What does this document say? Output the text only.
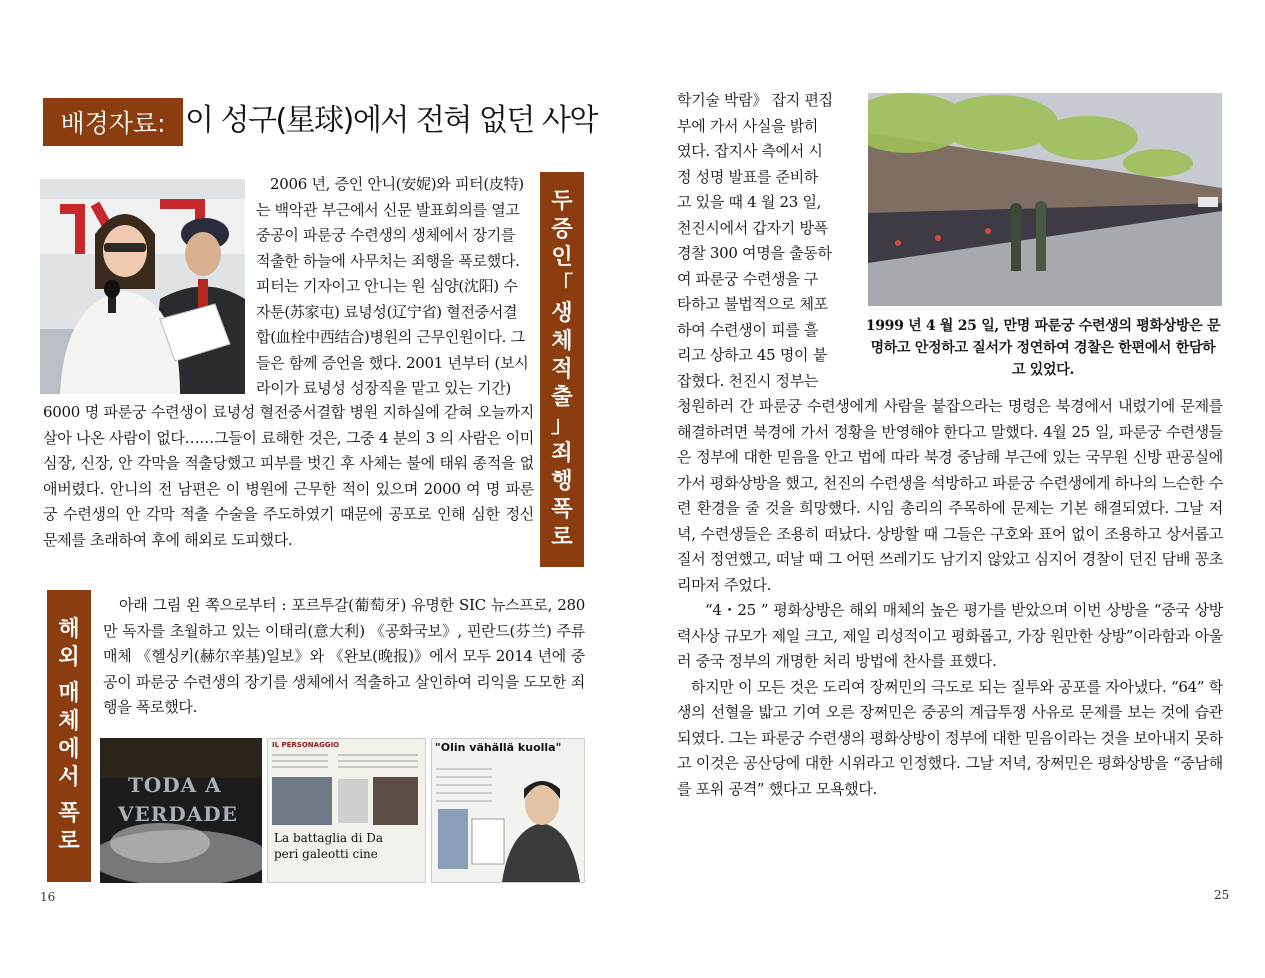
배경자료: 이 성구(星球)에서 전혀 없던 사악

2006 년, 증인 안니(安妮)와 피터(皮特)

는 백악관 부근에서 신문 발표회의를 열고

중공이 파룬궁 수련생의 생체에서 장기를

적출한 하늘에 사무치는 죄행을 폭로했다.

피터는 기자이고 안니는 원 심양(沈阳) 수

자툰(苏家屯) 료녕성(辽宁省) 혈전중서결

합(血栓中西结合)병원의 근무인원이다. 그

들은 함께 증언을 했다. 2001 년부터 (보시

라이가 료녕성 성장직을 맡고 있는 기간)

6000 명 파룬궁 수련생이 료녕성 혈전중서결합 병원 지하실에 갇혀 오늘까지 살아 나온 사람이 없다……그들이 료해한 것은, 그중 4 분의 3 의 사람은 이미 심장, 신장, 안 각막을 적출당했고 피부를 벗긴 후 사체는 불에 태워 종적을 없애버렸다. 안니의 전 남편은 이 병원에 근무한 적이 있으며 2000 여 명 파룬궁 수련생의 안 각막 적출 수술을 주도하였기 때문에 공포로 인해 심한 정신 문제를 초래하여 후에 해외로 도피했다.

두
증
인
「
생
체
적
출
」
죄
행
폭
로
해
외
매
체
에
서
폭
로

아래 그림 왼 쪽으로부터 : 포르투갈(葡萄牙) 유명한 SIC 뉴스프로, 280 만 독자를 초월하고 있는 이태리(意大利) 《공화국보》, 핀란드(芬兰) 주류 매체 《헬싱키(赫尔辛基)일보》와 《완보(晚报)》에서 모두 2014 년에 중공이 파룬궁 수련생의 장기를 생체에서 적출하고 살인하여 리익을 도모한 죄행을 폭로했다.

TODA A
VERDADE
IL PERSONAGGIO
La battaglia di Da
peri galeotti cine
"Olin vähällä kuolla"
16

학기술 박람》 잡지 편집

부에 가서 사실을 밝히

였다. 잡지사 측에서 시

정 성명 발표를 준비하

고 있을 때 4 월 23 일,

천진시에서 갑자기 방폭

경찰 300 여명을 출동하

여 파룬궁 수련생을 구

타하고 불법적으로 체포

하여 수련생이 피를 흘

리고 상하고 45 명이 붙

잡혔다. 천진시 정부는

1999 년 4 월 25 일, 만명 파룬궁 수련생의 평화상방은 문명하고 안정하고 질서가 정연하여 경찰은 한편에서 한담하고 있었다.

청원하러 간 파룬궁 수련생에게 사람을 붙잡으라는 명령은 북경에서 내렸기에 문제를 해결하려면 북경에 가서 정황을 반영해야 한다고 말했다. 4월 25 일, 파룬궁 수련생들은 정부에 대한 믿음을 안고 법에 따라 북경 중남해 부근에 있는 국무원 신방 판공실에 가서 평화상방을 했고, 천진의 수련생을 석방하고 파룬궁 수련생에게 하나의 느슨한 수련 환경을 줄 것을 희망했다. 시임 총리의 주목하에 문제는 기본 해결되였다. 그날 저녁, 수련생들은 조용히 떠났다. 상방할 때 그들은 구호와 표어 없이 조용하고 상서롭고 질서 정연했고, 떠날 때 그 어떤 쓰레기도 남기지 않았고 심지어 경찰이 던진 담배 꽁초리마저 주었다.

“4・25 ” 평화상방은 해외 매체의 높은 평가를 받았으며 이번 상방을 “중국 상방 력사상 규모가 제일 크고, 제일 리성적이고 평화롭고, 가장 원만한 상방”이라함과 아울러 중국 정부의 개명한 처리 방법에 찬사를 표했다.

하지만 이 모든 것은 도리여 장쩌민의 극도로 되는 질투와 공포를 자아냈다. “64” 학생의 선혈을 밟고 기여 오른 장쩌민은 중공의 계급투쟁 사유로 문제를 보는 것에 습관되였다. 그는 파룬궁 수련생의 평화상방이 정부에 대한 믿음이라는 것을 보아내지 못하고 이것은 공산당에 대한 시위라고 인정했다. 그날 저녁, 장쩌민은 평화상방을 “중남해를 포위 공격” 했다고 모욕했다.

25
